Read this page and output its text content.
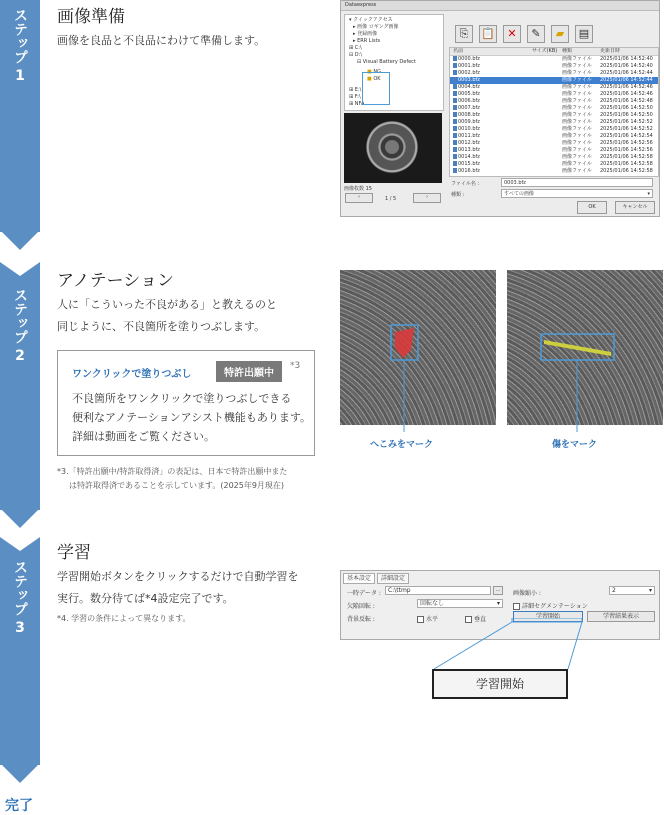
ステップ
1
ステップ
2
ステップ
3
完了
画像準備
画像を良品と不良品にわけて準備します。
Dataexpress
▾ クイックアクセス
▸ 画像 ロギング画像
▸ 登録画像
▸ ERR Lists
⊞ C:\
⊟ D:\
⊟ Visual Battery Defect
■ NG
■ OK
⊞ E:\
⊞ F:\
⊞ NFA
画像枚数 15
‹	1 / 5	›
⎘	📋	✕	✎	▰	▤
名前	サイズ(KB) 種類	更新日時
0000.bfz	画像ファイル 2025/01/06 14:52:40
0001.bfz	画像ファイル 2025/01/06 14:52:40
0002.bfz	画像ファイル 2025/01/06 14:52:44
0003.bfz	画像ファイル 2025/01/06 14:52:44
0004.bfz	画像ファイル 2025/01/06 14:52:46
0005.bfz	画像ファイル 2025/01/06 14:52:46
0006.bfz	画像ファイル 2025/01/06 14:52:48
0007.bfz	画像ファイル 2025/01/06 14:52:50
0008.bfz	画像ファイル 2025/01/06 14:52:50
0009.bfz	画像ファイル 2025/01/06 14:52:52
0010.bfz	画像ファイル 2025/01/06 14:52:52
0011.bfz	画像ファイル 2025/01/06 14:52:54
0012.bfz	画像ファイル 2025/01/06 14:52:56
0013.bfz	画像ファイル 2025/01/06 14:52:56
0014.bfz	画像ファイル 2025/01/06 14:52:58
0015.bfz	画像ファイル 2025/01/06 14:52:58
0016.bfz	画像ファイル 2025/01/06 14:52:58
ファイル名 :	0003.bfz
種類 :	すべての画像	▾
OK	キャンセル
アノテーション
人に「こういった不良がある」と教えるのと
同じように、不良箇所を塗りつぶします。
ワンクリックで塗りつぶし	特許出願中
*3
不良箇所をワンクリックで塗りつぶしできる
便利なアノテーションアシスト機能もあります。
詳細は動画をご覧ください。
*3.「特許出願中/特許取得済」の表記は、日本で特許出願中また
は特許取得済であることを示しています。(2025年9月現在)
へこみをマーク	傷をマーク
学習
学習開始ボタンをクリックするだけで自動学習を
実行。数分待てば*4設定完了です。
*4. 学習の条件によって異なります。
基本設定	詳細設定
一時データ :	C:\ttmp	…	画像縮小 :	2	▾
欠陥回転 :	回転なし	▾	詳細セグメンテーション
背景反転 :	水平	垂直	学習開始	学習結果表示
学習開始
